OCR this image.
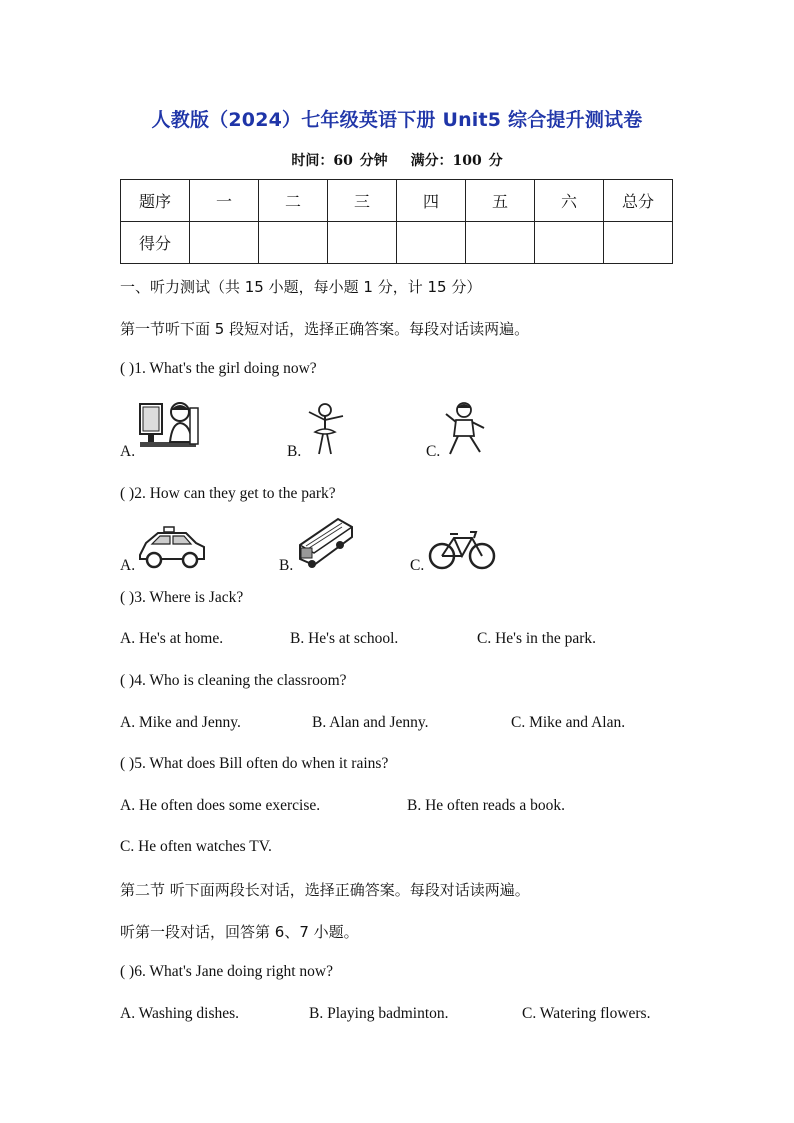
人教版（2024）七年级英语下册 Unit5 综合提升测试卷
时间：60 分钟 满分：100 分
题序	一	二	三	四	五	六	总分
得分							
一、听力测试（共 15 小题，每小题 1 分，计 15 分）
第一节听下面 5 段短对话，选择正确答案。每段对话读两遍。
( )1. What's the girl doing now?
A.	B.	C.
( )2. How can they get to the park?
A.	B.	C.
( )3. Where is Jack?
A. He's at home.	B. He's at school.	C. He's in the park.
( )4. Who is cleaning the classroom?
A. Mike and Jenny.	B. Alan and Jenny.	C. Mike and Alan.
( )5. What does Bill often do when it rains?
A. He often does some exercise.	B. He often reads a book.
C. He often watches TV.
第二节 听下面两段长对话，选择正确答案。每段对话读两遍。
听第一段对话，回答第 6、7 小题。
( )6. What's Jane doing right now?
A. Washing dishes.	B. Playing badminton.	C. Watering flowers.
